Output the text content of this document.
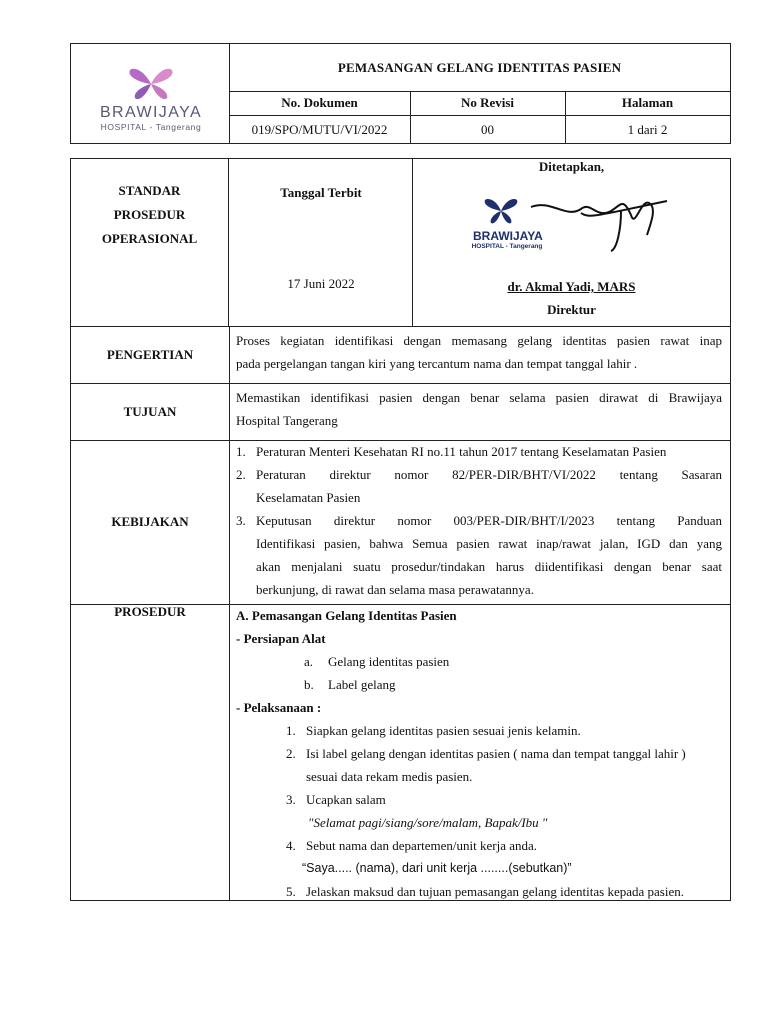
BRAWIJAYA
HOSPITAL - Tangerang
PEMASANGAN GELANG IDENTITAS PASIEN
No. Dokumen
019/SPO/MUTU/VI/2022
No Revisi
00
Halaman
1 dari 2
STANDAR
PROSEDUR
OPERASIONAL
Tanggal Terbit
17 Juni 2022
Ditetapkan,
BRAWIJAYA
HOSPITAL - Tangerang
dr. Akmal Yadi, MARS
Direktur
PENGERTIAN
Proses kegiatan identifikasi dengan memasang gelang identitas pasien rawat inap
pada pergelangan tangan kiri yang tercantum nama dan tempat tanggal lahir .
TUJUAN
Memastikan identifikasi pasien dengan benar selama pasien dirawat di Brawijaya
Hospital Tangerang
KEBIJAKAN
1. Peraturan Menteri Kesehatan RI no.11 tahun 2017 tentang Keselamatan Pasien
2. Peraturan direktur nomor 82/PER-DIR/BHT/VI/2022 tentang Sasaran
Keselamatan Pasien
3. Keputusan direktur nomor 003/PER-DIR/BHT/I/2023 tentang Panduan
Identifikasi pasien, bahwa Semua pasien rawat inap/rawat jalan, IGD dan yang
akan menjalani suatu prosedur/tindakan harus diidentifikasi dengan benar saat
berkunjung, di rawat dan selama masa perawatannya.
PROSEDUR	A. Pemasangan Gelang Identitas Pasien
- Persiapan Alat
a. Gelang identitas pasien
b. Label gelang
- Pelaksanaan :
1. Siapkan gelang identitas pasien sesuai jenis kelamin.
2. Isi label gelang dengan identitas pasien ( nama dan tempat tanggal lahir )
sesuai data rekam medis pasien.
3. Ucapkan salam
"Selamat pagi/siang/sore/malam, Bapak/Ibu "
4. Sebut nama dan departemen/unit kerja anda.
“Saya..... (nama), dari unit kerja ........(sebutkan)”
5. Jelaskan maksud dan tujuan pemasangan gelang identitas kepada pasien.
